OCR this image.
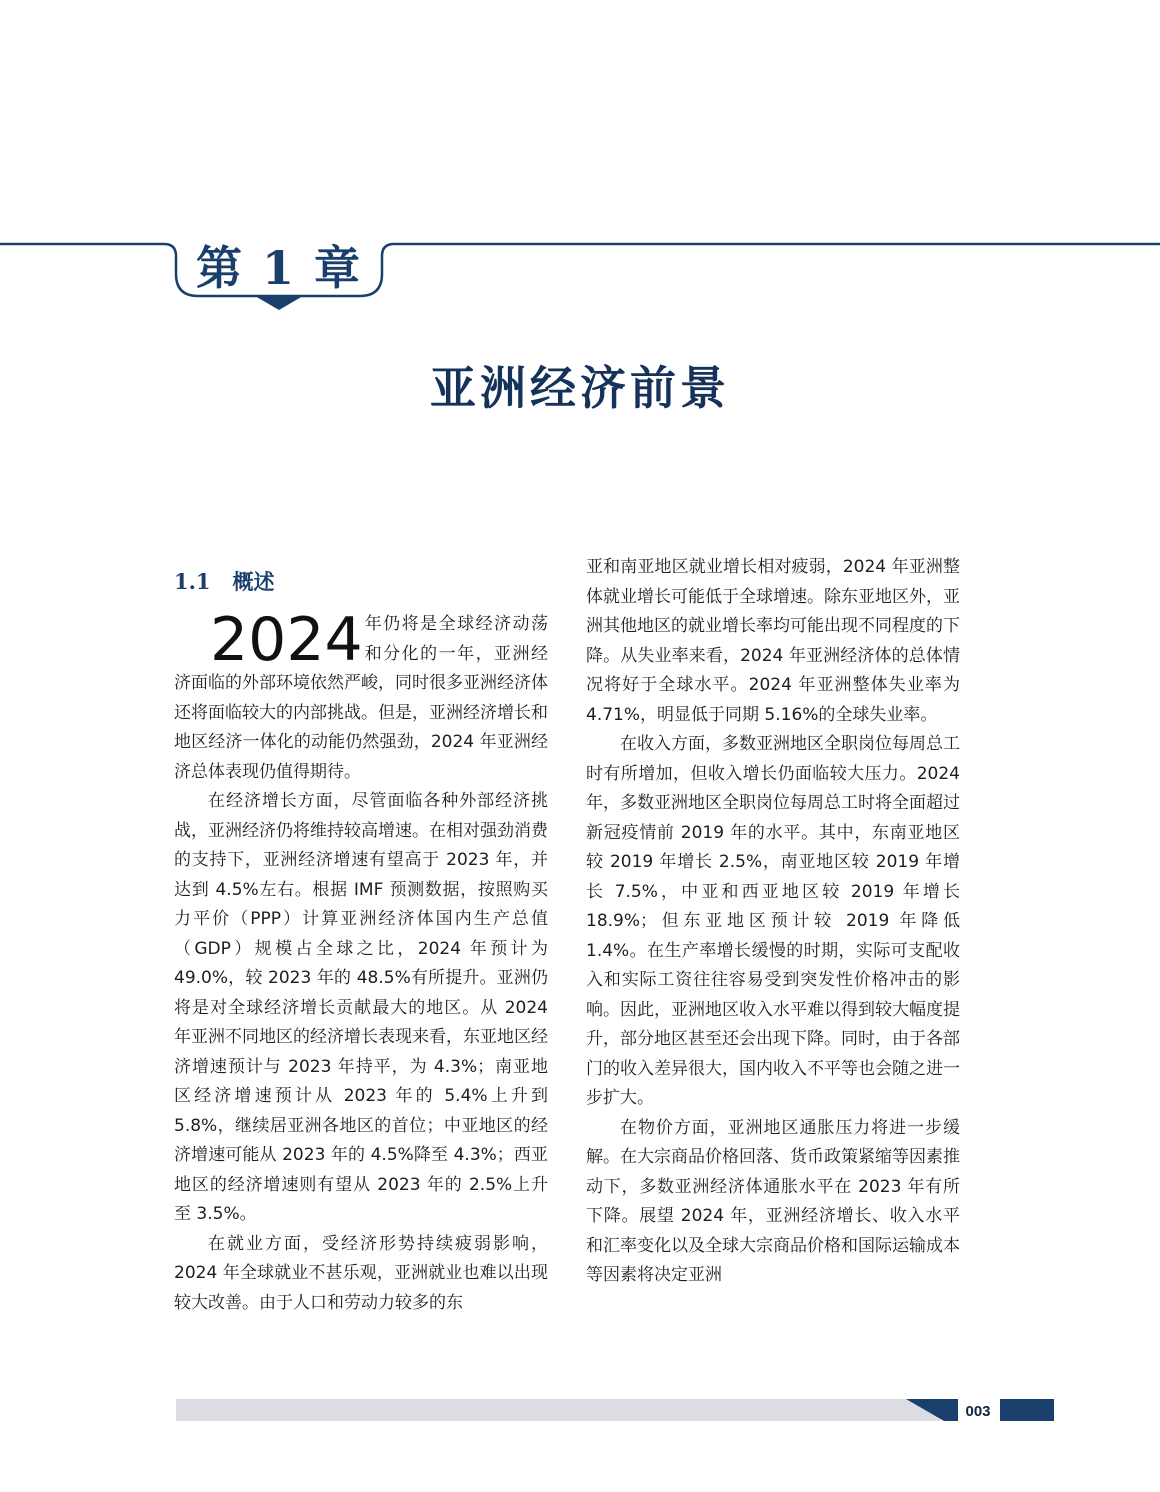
第 1 章
亚洲经济前景
1.1 概述

2024 年仍将是全球经济动荡和分化的一年，亚洲经济面临的外部环境依然严峻，同时很多亚洲经济体还将面临较大的内部挑战。但是，亚洲经济增长和地区经济一体化的动能仍然强劲，2024 年亚洲经济总体表现仍值得期待。

在经济增长方面，尽管面临各种外部经济挑战，亚洲经济仍将维持较高增速。在相对强劲消费的支持下，亚洲经济增速有望高于 2023 年，并达到 4.5%左右。根据 IMF 预测数据，按照购买力平价（PPP）计算亚洲经济体国内生产总值（GDP）规模占全球之比，2024 年预计为 49.0%，较 2023 年的 48.5%有所提升。亚洲仍将是对全球经济增长贡献最大的地区。从 2024 年亚洲不同地区的经济增长表现来看，东亚地区经济增速预计与 2023 年持平，为 4.3%；南亚地区经济增速预计从 2023 年的 5.4%上升到 5.8%，继续居亚洲各地区的首位；中亚地区的经济增速可能从 2023 年的 4.5%降至 4.3%；西亚地区的经济增速则有望从 2023 年的 2.5%上升至 3.5%。

在就业方面，受经济形势持续疲弱影响，2024 年全球就业不甚乐观，亚洲就业也难以出现较大改善。由于人口和劳动力较多的东

亚和南亚地区就业增长相对疲弱，2024 年亚洲整体就业增长可能低于全球增速。除东亚地区外，亚洲其他地区的就业增长率均可能出现不同程度的下降。从失业率来看，2024 年亚洲经济体的总体情况将好于全球水平。2024 年亚洲整体失业率为 4.71%，明显低于同期 5.16%的全球失业率。

在收入方面，多数亚洲地区全职岗位每周总工时有所增加，但收入增长仍面临较大压力。2024 年，多数亚洲地区全职岗位每周总工时将全面超过新冠疫情前 2019 年的水平。其中，东南亚地区较 2019 年增长 2.5%，南亚地区较 2019 年增长 7.5%，中亚和西亚地区较 2019 年增长 18.9%；但东亚地区预计较 2019 年降低 1.4%。在生产率增长缓慢的时期，实际可支配收入和实际工资往往容易受到突发性价格冲击的影响。因此，亚洲地区收入水平难以得到较大幅度提升，部分地区甚至还会出现下降。同时，由于各部门的收入差异很大，国内收入不平等也会随之进一步扩大。

在物价方面，亚洲地区通胀压力将进一步缓解。在大宗商品价格回落、货币政策紧缩等因素推动下，多数亚洲经济体通胀水平在 2023 年有所下降。展望 2024 年，亚洲经济增长、收入水平和汇率变化以及全球大宗商品价格和国际运输成本等因素将决定亚洲

003
